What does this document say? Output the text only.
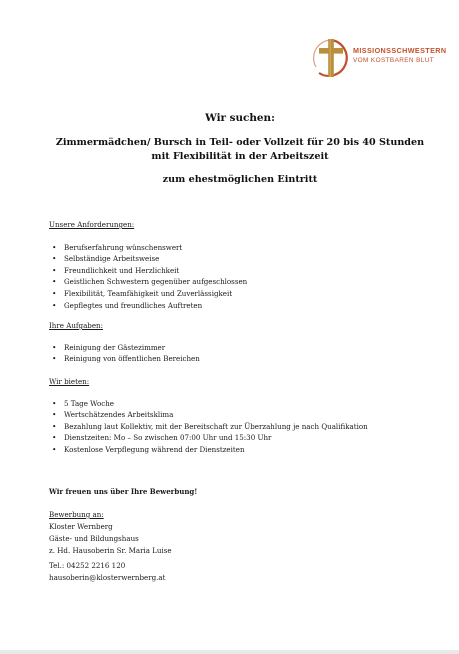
MISSIONSSCHWESTERN
VOM KOSTBAREN BLUT
Wir suchen:
Zimmermädchen/ Bursch in Teil- oder Vollzeit für 20 bis 40 Stunden
mit Flexibilität in der Arbeitszeit
zum ehestmöglichen Eintritt

Unsere Anforderungen:

• Berufserfahrung wünschenswert
• Selbständige Arbeitsweise
• Freundlichkeit und Herzlichkeit
• Geistlichen Schwestern gegenüber aufgeschlossen
• Flexibilität, Teamfähigkeit und Zuverlässigkeit
• Gepflegtes und freundliches Auftreten

Ihre Aufgaben:

• Reinigung der Gästezimmer
• Reinigung von öffentlichen Bereichen

Wir bieten:

• 5 Tage Woche
• Wertschätzendes Arbeitsklima
• Bezahlung laut Kollektiv, mit der Bereitschaft zur Überzahlung je nach Qualifikation
• Dienstzeiten: Mo – So zwischen 07:00 Uhr und 15:30 Uhr
• Kostenlose Verpflegung während der Dienstzeiten
Wir freuen uns über Ihre Bewerbung!
Bewerbung an:
Kloster Wernberg
Gäste- und Bildungshaus
z. Hd. Hausoberin Sr. Maria Luise
Tel.: 04252 2216 120
hausoberin@klosterwernberg.at
